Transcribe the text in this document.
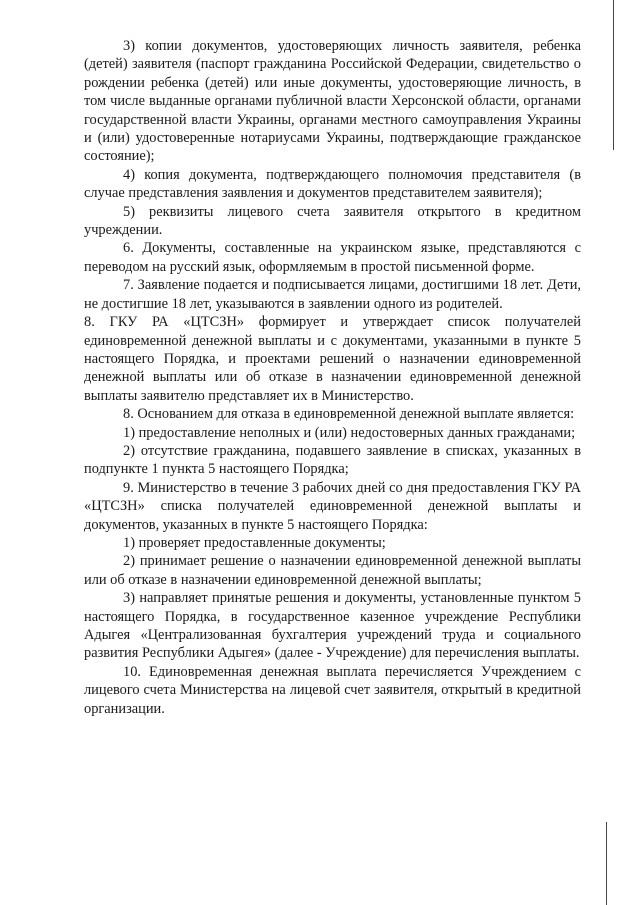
3) копии документов, удостоверяющих личность заявителя, ребенка (детей) заявителя (паспорт гражданина Российской Федерации, свидетельство о рождении ребенка (детей) или иные документы, удостоверяющие личность, в том числе выданные органами публичной власти Херсонской области, органами государственной власти Украины, органами местного самоуправления Украины и (или) удостоверенные нотариусами Украины, подтверждающие гражданское состояние);

4) копия документа, подтверждающего полномочия представителя (в случае представления заявления и документов представителем заявителя);

5) реквизиты лицевого счета заявителя открытого в кредитном учреждении.

6. Документы, составленные на украинском языке, представляются с переводом на русский язык, оформляемым в простой письменной форме.

7. Заявление подается и подписывается лицами, достигшими 18 лет. Дети, не достигшие 18 лет, указываются в заявлении одного из родителей.

8. ГКУ РА «ЦТСЗН» формирует и утверждает список получателей единовременной денежной выплаты и с документами, указанными в пункте 5 настоящего Порядка, и проектами решений о назначении единовременной денежной выплаты или об отказе в назначении единовременной денежной выплаты заявителю представляет их в Министерство.

8. Основанием для отказа в единовременной денежной выплате является:

1) предоставление неполных и (или) недостоверных данных гражданами;

2) отсутствие гражданина, подавшего заявление в списках, указанных в подпункте 1 пункта 5 настоящего Порядка;

9. Министерство в течение 3 рабочих дней со дня предоставления ГКУ РА «ЦТСЗН» списка получателей единовременной денежной выплаты и документов, указанных в пункте 5 настоящего Порядка:

1) проверяет предоставленные документы;

2) принимает решение о назначении единовременной денежной выплаты или об отказе в назначении единовременной денежной выплаты;

3) направляет принятые решения и документы, установленные пунктом 5 настоящего Порядка, в государственное казенное учреждение Республики Адыгея «Централизованная бухгалтерия учреждений труда и социального развития Республики Адыгея» (далее - Учреждение) для перечисления выплаты.

10. Единовременная денежная выплата перечисляется Учреждением с лицевого счета Министерства на лицевой счет заявителя, открытый в кредитной организации.
